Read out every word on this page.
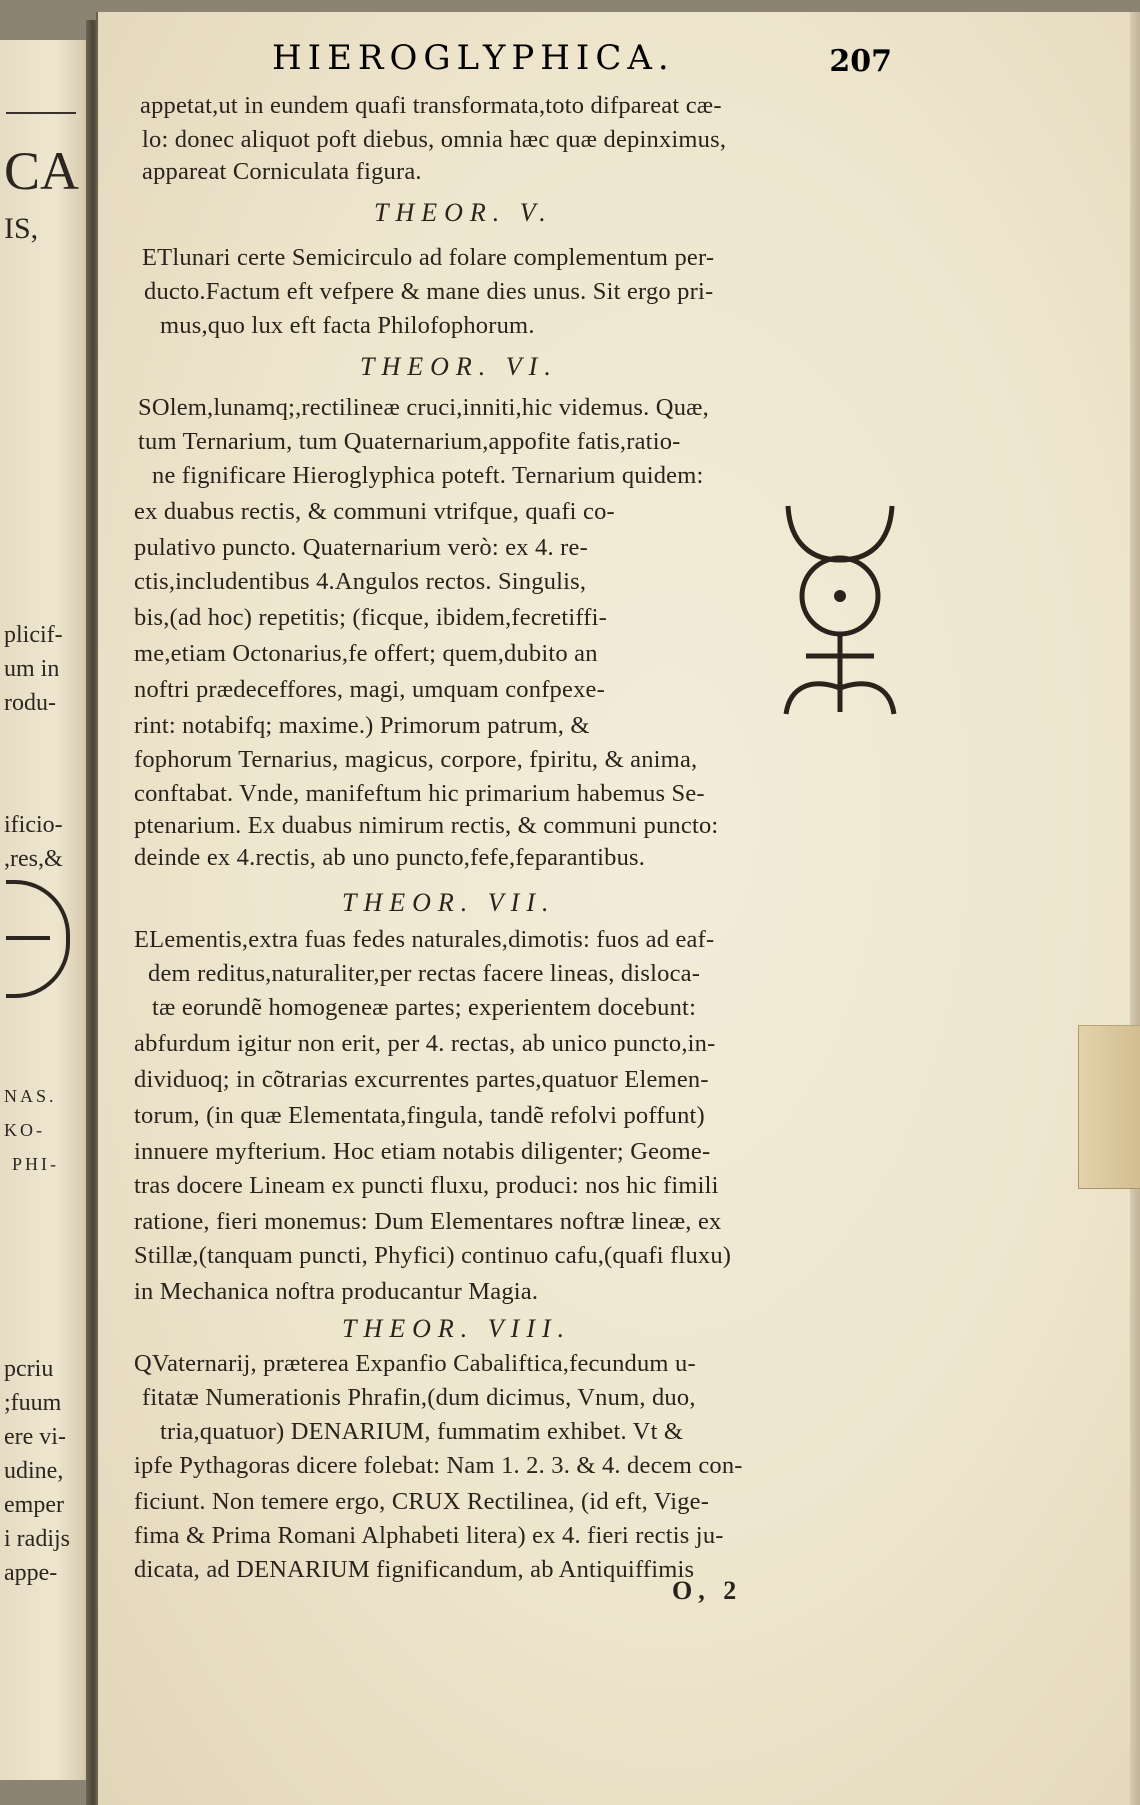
CA
IS,
plicif-
um in
rodu-
ificio-
,res,&
NAS.
KO-
PHI-
pcriu
;fuum
ere vi-
udine,
emper
i radijs
appe-
HIEROGLYPHICA.	207
appetat,ut in eundem quafi transformata,toto difpareat cæ-
lo: donec aliquot poft diebus, omnia hæc quæ depinximus,
appareat Corniculata figura.
THEOR. V.
ETlunari certe Semicirculo ad folare complementum per-
ducto.Factum eft vefpere & mane dies unus. Sit ergo pri-
mus,quo lux eft facta Philofophorum.
THEOR. VI.
SOlem,lunamq;,rectilineæ cruci,inniti,hic videmus. Quæ,
tum Ternarium, tum Quaternarium,appofite fatis,ratio-
ne fignificare Hieroglyphica poteft. Ternarium quidem:
ex duabus rectis, & communi vtrifque, quafi co-
pulativo puncto. Quaternarium verò: ex 4. re-
ctis,includentibus 4.Angulos rectos. Singulis,
bis,(ad hoc) repetitis; (ficque, ibidem,fecretiffi-
me,etiam Octonarius,fe offert; quem,dubito an
noftri prædeceffores, magi, umquam confpexe-
rint: notabifq; maxime.) Primorum patrum, &
fophorum Ternarius, magicus, corpore, fpiritu, & anima,
conftabat. Vnde, manifeftum hic primarium habemus Se-
ptenarium. Ex duabus nimirum rectis, & communi puncto:
deinde ex 4.rectis, ab uno puncto,fefe,feparantibus.
THEOR. VII.
ELementis,extra fuas fedes naturales,dimotis: fuos ad eaf-
dem reditus,naturaliter,per rectas facere lineas, disloca-
tæ eorundẽ homogeneæ partes; experientem docebunt:
abfurdum igitur non erit, per 4. rectas, ab unico puncto,in-
dividuoq; in cõtrarias excurrentes partes,quatuor Elemen-
torum, (in quæ Elementata,fingula, tandẽ refolvi poffunt)
innuere myfterium. Hoc etiam notabis diligenter; Geome-
tras docere Lineam ex puncti fluxu, produci: nos hic fimili
ratione, fieri monemus: Dum Elementares noftræ lineæ, ex
Stillæ,(tanquam puncti, Phyfici) continuo cafu,(quafi fluxu)
in Mechanica noftra producantur Magia.
THEOR. VIII.
QVaternarij, præterea Expanfio Cabaliftica,fecundum u-
fitatæ Numerationis Phrafin,(dum dicimus, Vnum, duo,
tria,quatuor) DENARIUM, fummatim exhibet. Vt &
ipfe Pythagoras dicere folebat: Nam 1. 2. 3. & 4. decem con-
ficiunt. Non temere ergo, CRUX Rectilinea, (id eft, Vige-
fima & Prima Romani Alphabeti litera) ex 4. fieri rectis ju-
dicata, ad DENARIUM fignificandum, ab Antiquiffimis
O, 2
